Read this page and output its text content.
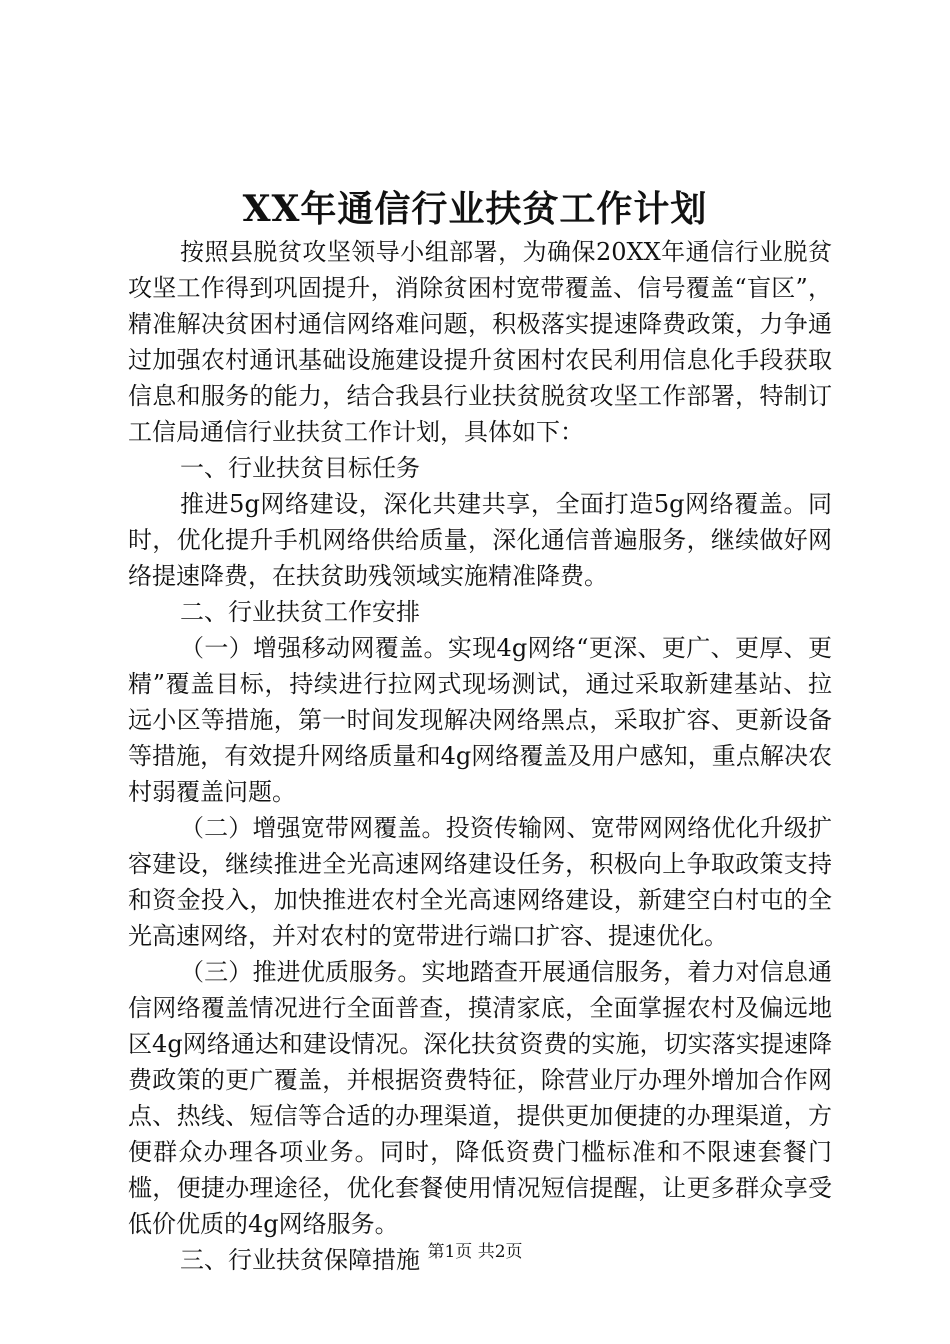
XX年通信行业扶贫工作计划

按照县脱贫攻坚领导小组部署，为确保20XX年通信行业脱贫攻坚工作得到巩固提升，消除贫困村宽带覆盖、信号覆盖“盲区”，精准解决贫困村通信网络难问题，积极落实提速降费政策，力争通过加强农村通讯基础设施建设提升贫困村农民利用信息化手段获取信息和服务的能力，结合我县行业扶贫脱贫攻坚工作部署，特制订工信局通信行业扶贫工作计划，具体如下：

一、行业扶贫目标任务

推进5g网络建设，深化共建共享，全面打造5g网络覆盖。同时，优化提升手机网络供给质量，深化通信普遍服务，继续做好网络提速降费，在扶贫助残领域实施精准降费。

二、行业扶贫工作安排

（一）增强移动网覆盖。实现4g网络“更深、更广、更厚、更精”覆盖目标，持续进行拉网式现场测试，通过采取新建基站、拉远小区等措施，第一时间发现解决网络黑点，采取扩容、更新设备等措施，有效提升网络质量和4g网络覆盖及用户感知，重点解决农村弱覆盖问题。

（二）增强宽带网覆盖。投资传输网、宽带网网络优化升级扩容建设，继续推进全光高速网络建设任务，积极向上争取政策支持和资金投入，加快推进农村全光高速网络建设，新建空白村屯的全光高速网络，并对农村的宽带进行端口扩容、提速优化。

（三）推进优质服务。实地踏查开展通信服务，着力对信息通信网络覆盖情况进行全面普查，摸清家底，全面掌握农村及偏远地区4g网络通达和建设情况。深化扶贫资费的实施，切实落实提速降费政策的更广覆盖，并根据资费特征，除营业厅办理外增加合作网点、热线、短信等合适的办理渠道，提供更加便捷的办理渠道，方便群众办理各项业务。同时，降低资费门槛标准和不限速套餐门槛，便捷办理途径，优化套餐使用情况短信提醒，让更多群众享受低价优质的4g网络服务。

三、行业扶贫保障措施 第1页 共2页
